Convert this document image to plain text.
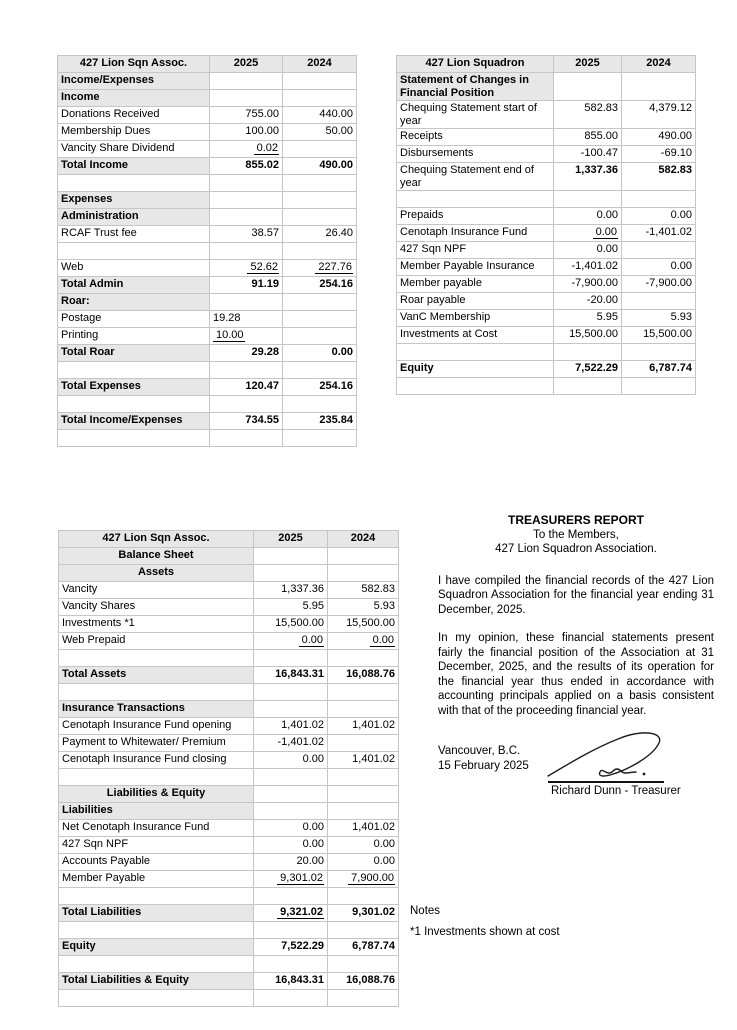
427 Lion Sqn Assoc.	2025	2024
Income/Expenses		
Income		
Donations Received	755.00	440.00
Membership Dues	100.00	50.00
Vancity Share Dividend	0.02	
Total Income	855.02	490.00

Expenses		
Administration		
RCAF Trust fee	38.57	26.40

Web	52.62	227.76
Total Admin	91.19	254.16
Roar:		
Postage	19.28	
Printing	10.00	
Total Roar	29.28	0.00

Total Expenses	120.47	254.16

Total Income/Expenses	734.55	235.84

427 Lion Squadron	2025	2024
Statement of Changes in Financial Position		
Chequing Statement start of year	582.83	4,379.12
Receipts	855.00	490.00
Disbursements	-100.47	-69.10
Chequing Statement end of year	1,337.36	582.83

Prepaids	0.00	0.00
Cenotaph Insurance Fund	0.00	-1,401.02
427 Sqn NPF	0.00	
Member Payable Insurance	-1,401.02	0.00
Member payable	-7,900.00	-7,900.00
Roar payable	-20.00	
VanC Membership	5.95	5.93
Investments at Cost	15,500.00	15,500.00

Equity	7,522.29	6,787.74

427 Lion Sqn Assoc.	2025	2024
Balance Sheet		
Assets		
Vancity	1,337.36	582.83
Vancity Shares	5.95	5.93
Investments *1	15,500.00	15,500.00
Web Prepaid	0.00	0.00

Total Assets	16,843.31	16,088.76

Insurance Transactions		
Cenotaph Insurance Fund opening	1,401.02	1,401.02
Payment to Whitewater/ Premium	-1,401.02	
Cenotaph Insurance Fund closing	0.00	1,401.02

Liabilities & Equity		
Liabilities		
Net Cenotaph Insurance Fund	0.00	1,401.02
427 Sqn NPF	0.00	0.00
Accounts Payable	20.00	0.00
Member Payable	9,301.02	7,900.00

Total Liabilities	9,321.02	9,301.02

Equity	7,522.29	6,787.74

Total Liabilities & Equity	16,843.31	16,088.76

TREASURERS REPORT

To the Members,

427 Lion Squadron Association.

I have compiled the financial records of the 427 Lion Squadron Association for the financial year ending 31 December, 2025.

In my opinion, these financial statements present fairly the financial position of the Association at 31 December, 2025, and the results of its operation for the financial year thus ended in accordance with accounting principals applied on a basis consistent with that of the proceeding financial year.

Vancouver, B.C.
15 February 2025
Richard Dunn - Treasurer
Notes
*1 Investments shown at cost
